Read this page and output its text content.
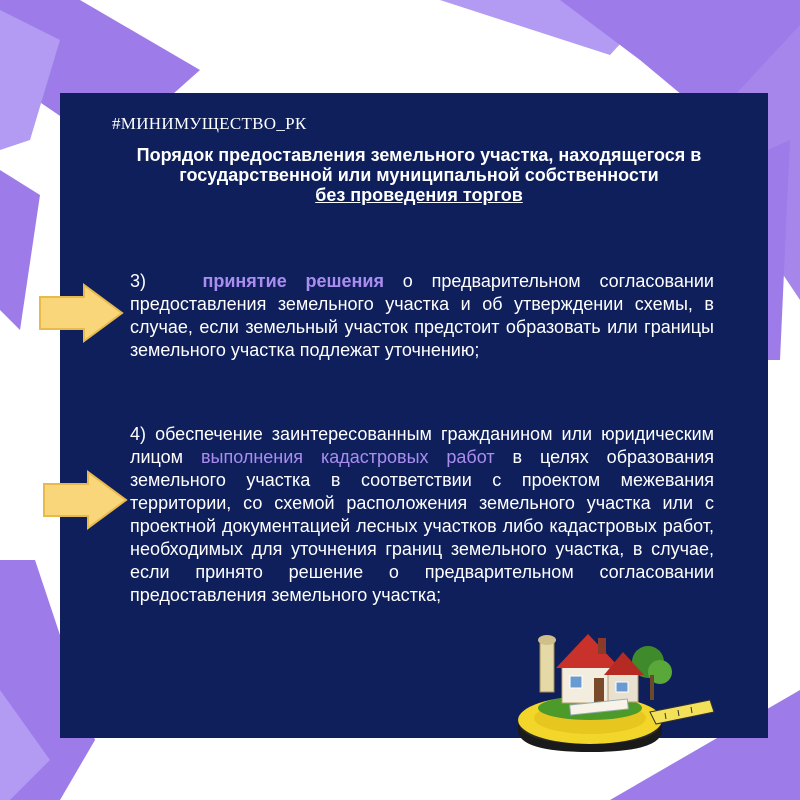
#МИНИМУЩЕСТВО_РК
Порядок предоставления земельного участка, находящегося в
государственной или муниципальной собственности
без проведения торгов
3)	принятие решения о предварительном согласовании предоставления земельного участка и об утверждении схемы, в случае, если земельный участок предстоит образовать или границы земельного участка подлежат уточнению;
4) обеспечение заинтересованным гражданином или юридическим лицом выполнения кадастровых работ в целях образования земельного участка в соответствии с проектом межевания территории, со схемой расположения земельного участка или с проектной документацией лесных участков либо кадастровых работ, необходимых для уточнения границ земельного участка, в случае, если принято решение о предварительном согласовании предоставления земельного участка;
